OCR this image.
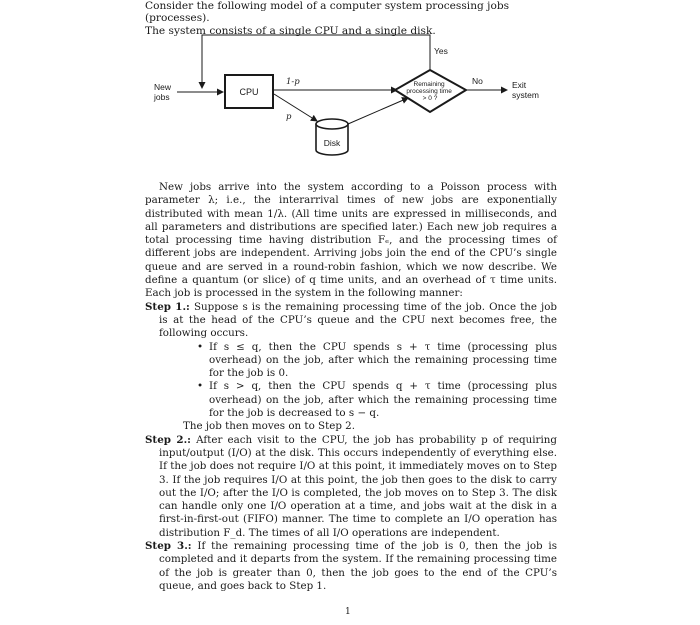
Consider the following model of a computer system processing jobs (processes).

The system consists of a single CPU and a single disk.

Yes
New jobs	CPU
1-p
p
Disk
Remaining processing time > 0 ?
No	Exit system

New jobs arrive into the system according to a Poisson process with parameter λ; i.e., the interarrival times of new jobs are exponentially distributed with mean 1/λ. (All time units are expressed in milliseconds, and all parameters and distributions are specified later.) Each new job requires a total processing time having distribution Fₑ, and the processing times of different jobs are independent. Arriving jobs join the end of the CPU’s single queue and are served in a round-robin fashion, which we now describe. We define a quantum (or slice) of q time units, and an overhead of τ time units. Each job is processed in the system in the following manner:

Step 1.: Suppose s is the remaining processing time of the job. Once the job is at the head of the CPU’s queue and the CPU next becomes free, the following occurs.

• If s ≤ q, then the CPU spends s + τ time (processing plus overhead) on the job, after which the remaining processing time for the job is 0.

• If s > q, then the CPU spends q + τ time (processing plus overhead) on the job, after which the remaining processing time for the job is decreased to s − q.

The job then moves on to Step 2.

Step 2.: After each visit to the CPU, the job has probability p of requiring input/output (I/O) at the disk. This occurs independently of everything else. If the job does not require I/O at this point, it immediately moves on to Step 3. If the job requires I/O at this point, the job then goes to the disk to carry out the I/O; after the I/O is completed, the job moves on to Step 3. The disk can handle only one I/O operation at a time, and jobs wait at the disk in a first-in-first-out (FIFO) manner. The time to complete an I/O operation has distribution F_d. The times of all I/O operations are independent.

Step 3.: If the remaining processing time of the job is 0, then the job is completed and it departs from the system. If the remaining processing time of the job is greater than 0, then the job goes to the end of the CPU’s queue, and goes back to Step 1.

1
